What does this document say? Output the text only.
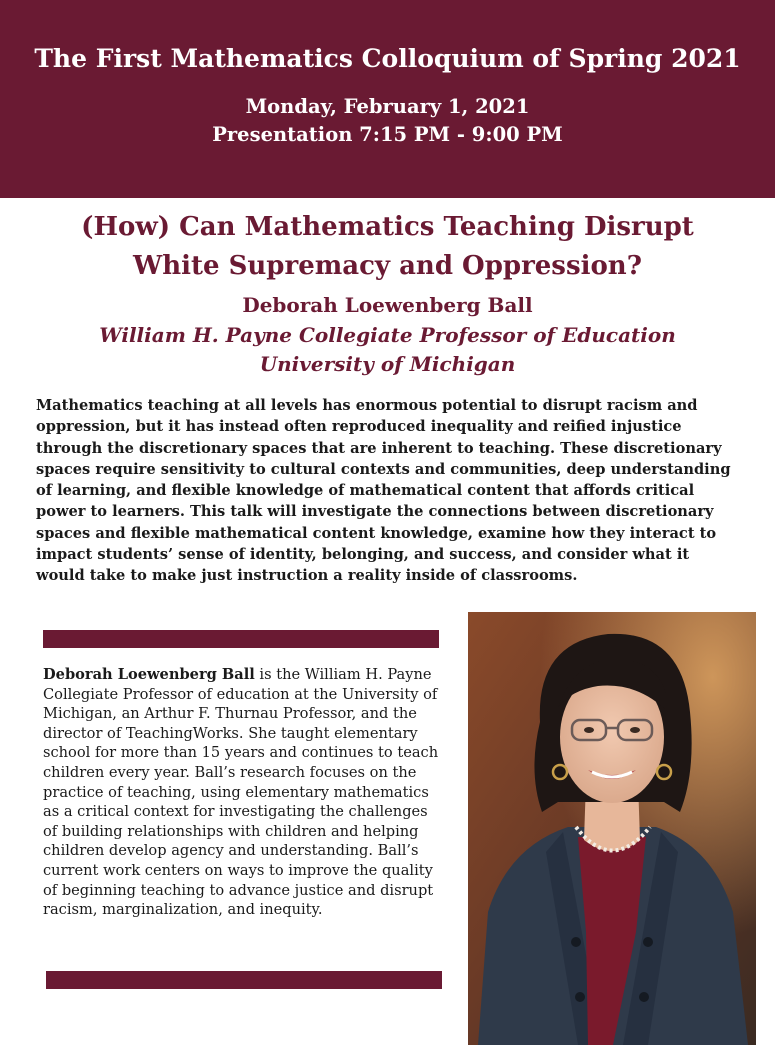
The First Mathematics Colloquium of Spring 2021
Monday, February 1, 2021
Presentation 7:15 PM - 9:00 PM
(How) Can Mathematics Teaching Disrupt
White Supremacy and Oppression?
Deborah Loewenberg Ball
William H. Payne Collegiate Professor of Education
University of Michigan
Mathematics teaching at all levels has enormous potential to disrupt racism and
oppression, but it has instead often reproduced inequality and reified injustice
through the discretionary spaces that are inherent to teaching. These discretionary
spaces require sensitivity to cultural contexts and communities, deep understanding
of learning, and flexible knowledge of mathematical content that affords critical
power to learners. This talk will investigate the connections between discretionary
spaces and flexible mathematical content knowledge, examine how they interact to
impact students’ sense of identity, belonging, and success, and consider what it
would take to make just instruction a reality inside of classrooms.
Deborah Loewenberg Ball is the William H. Payne
Collegiate Professor of education at the University of
Michigan, an Arthur F. Thurnau Professor, and the
director of TeachingWorks. She taught elementary
school for more than 15 years and continues to teach
children every year. Ball’s research focuses on the
practice of teaching, using elementary mathematics
as a critical context for investigating the challenges
of building relationships with children and helping
children develop agency and understanding. Ball’s
current work centers on ways to improve the quality
of beginning teaching to advance justice and disrupt
racism, marginalization, and inequity.
